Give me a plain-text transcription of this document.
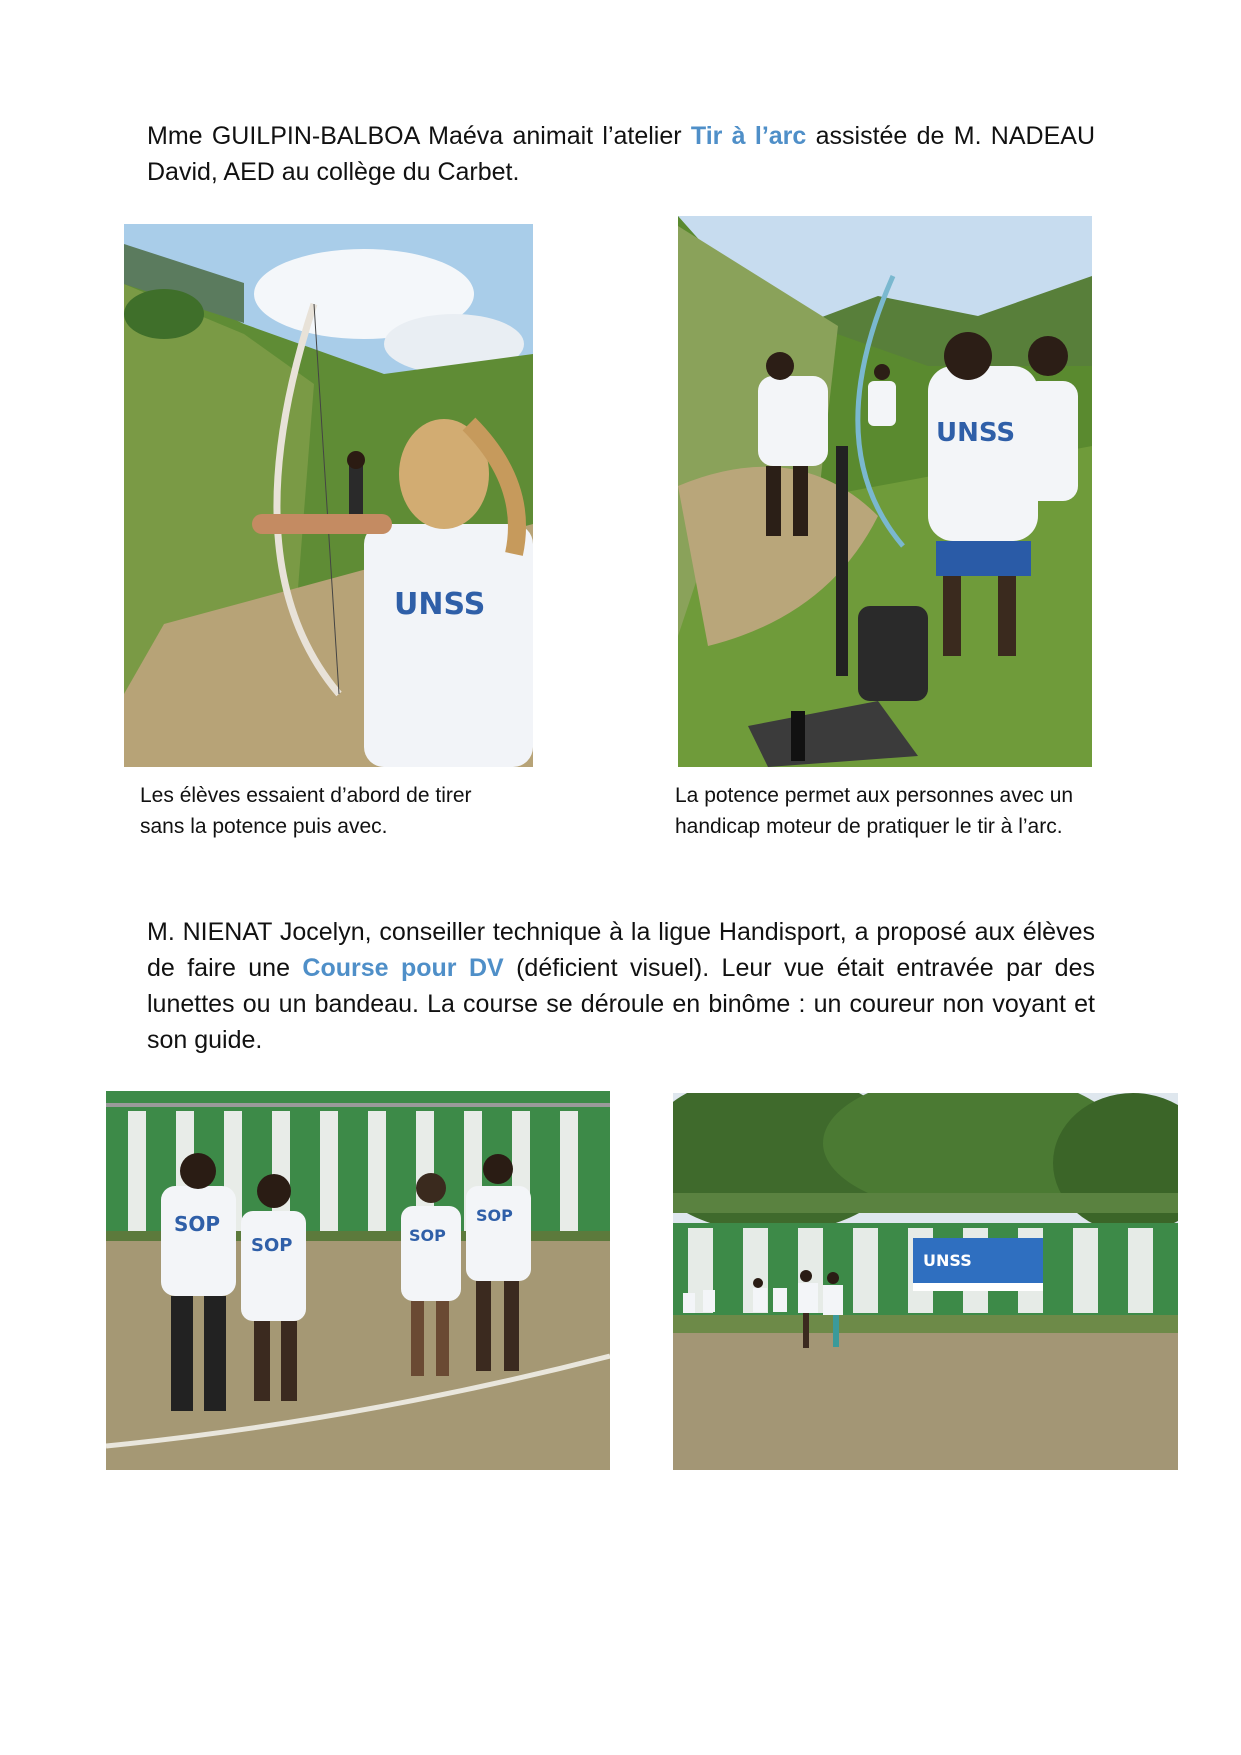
Mme GUILPIN-BALBOA Maéva animait l’atelier Tir à l’arc assistée de M. NADEAU David, AED au collège du Carbet.
UNSS
Les élèves essaient d’abord de tirer
sans la potence puis avec.
UNSS
La potence permet aux personnes avec un
handicap moteur de pratiquer le tir à l’arc.
M. NIENAT Jocelyn, conseiller technique à la ligue Handisport, a proposé aux élèves de faire une Course pour DV (déficient visuel). Leur vue était entravée par des lunettes ou un bandeau. La course se déroule en binôme : un coureur non voyant et son guide.
SOP
SOP	SOP
SOP
UNSS
